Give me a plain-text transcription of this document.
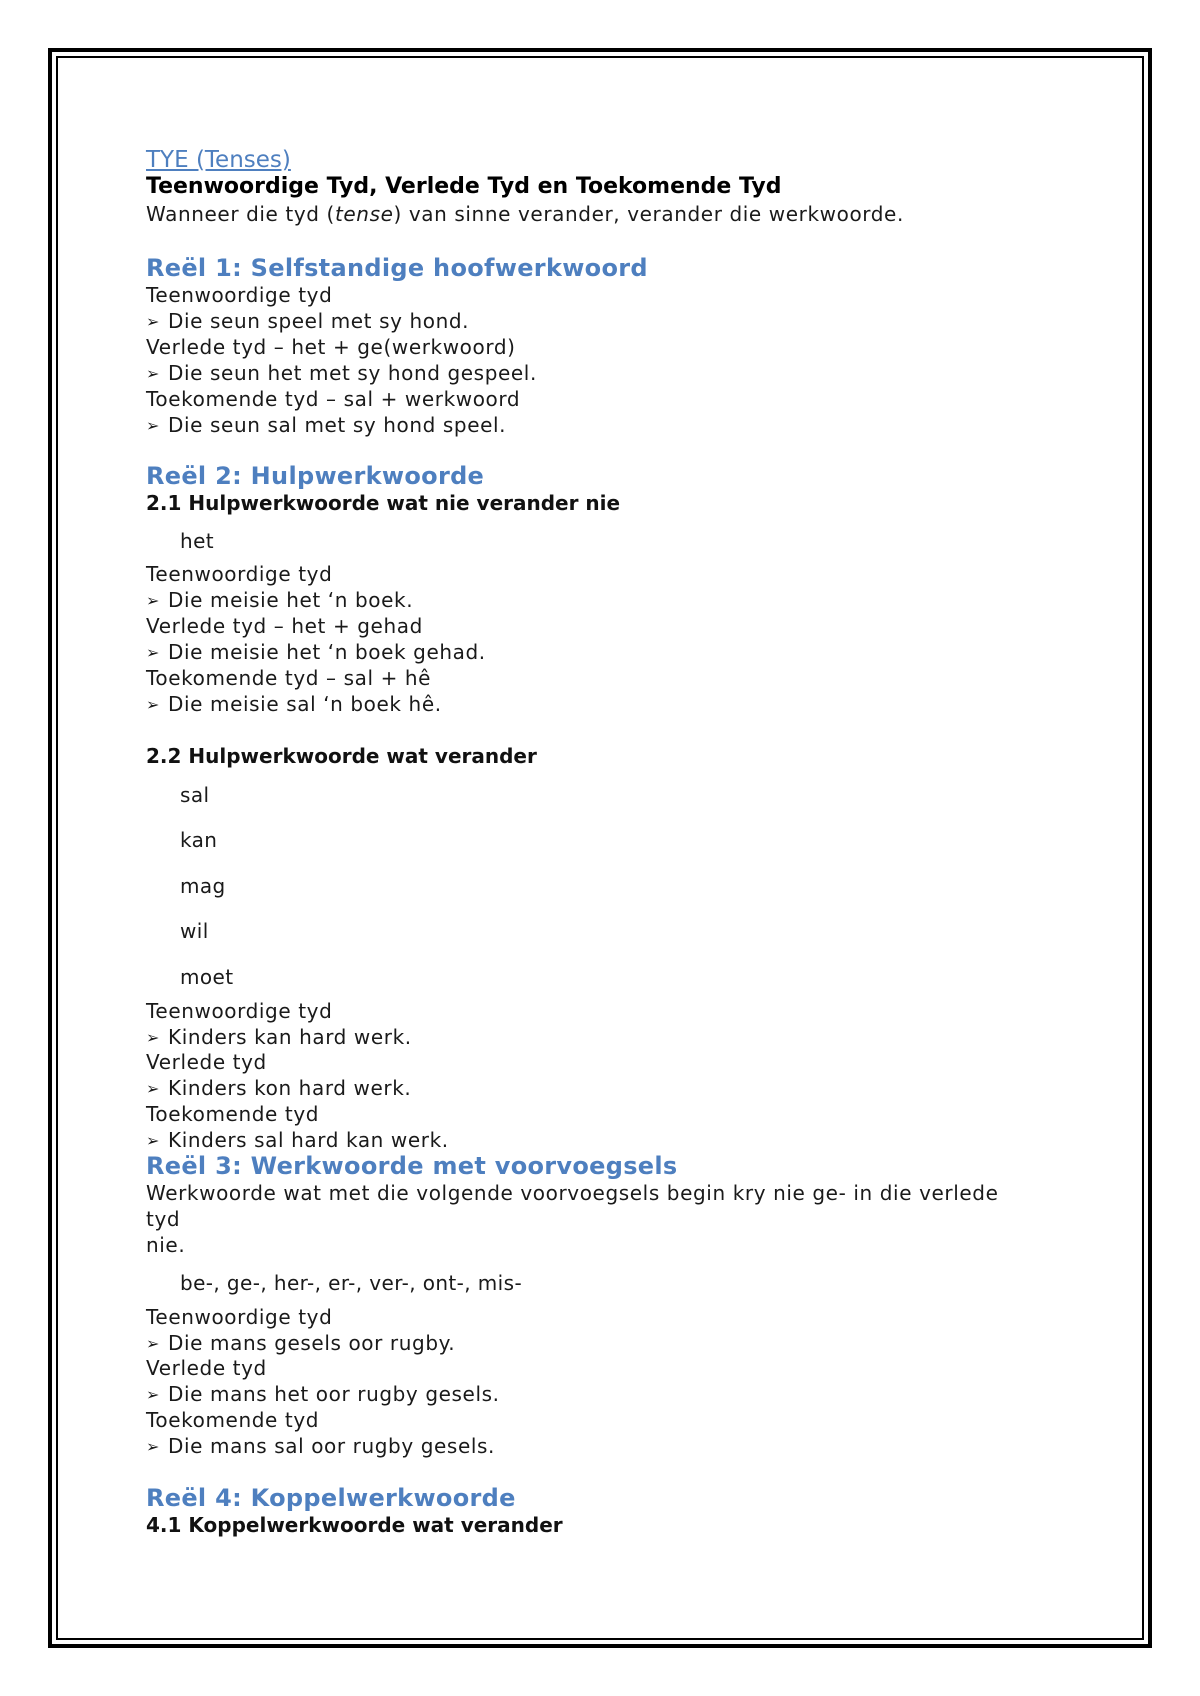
TYE (Tenses)
Teenwoordige Tyd, Verlede Tyd en Toekomende Tyd
Wanneer die tyd (tense) van sinne verander, verander die werkwoorde.
Reël 1: Selfstandige hoofwerkwoord
Teenwoordige tyd
➢ Die seun speel met sy hond.
Verlede tyd – het + ge(werkwoord)
➢ Die seun het met sy hond gespeel.
Toekomende tyd – sal + werkwoord
➢ Die seun sal met sy hond speel.
Reël 2: Hulpwerkwoorde
2.1 Hulpwerkwoorde wat nie verander nie
het
Teenwoordige tyd
➢ Die meisie het ‘n boek.
Verlede tyd – het + gehad
➢ Die meisie het ‘n boek gehad.
Toekomende tyd – sal + hê
➢ Die meisie sal ‘n boek hê.
2.2 Hulpwerkwoorde wat verander
sal
kan
mag
wil
moet
Teenwoordige tyd
➢ Kinders kan hard werk.
Verlede tyd
➢ Kinders kon hard werk.
Toekomende tyd
➢ Kinders sal hard kan werk.
Reël 3: Werkwoorde met voorvoegsels
Werkwoorde wat met die volgende voorvoegsels begin kry nie ge- in die verlede
tyd
nie.
be-, ge-, her-, er-, ver-, ont-, mis-
Teenwoordige tyd
➢ Die mans gesels oor rugby.
Verlede tyd
➢ Die mans het oor rugby gesels.
Toekomende tyd
➢ Die mans sal oor rugby gesels.
Reël 4: Koppelwerkwoorde
4.1 Koppelwerkwoorde wat verander
